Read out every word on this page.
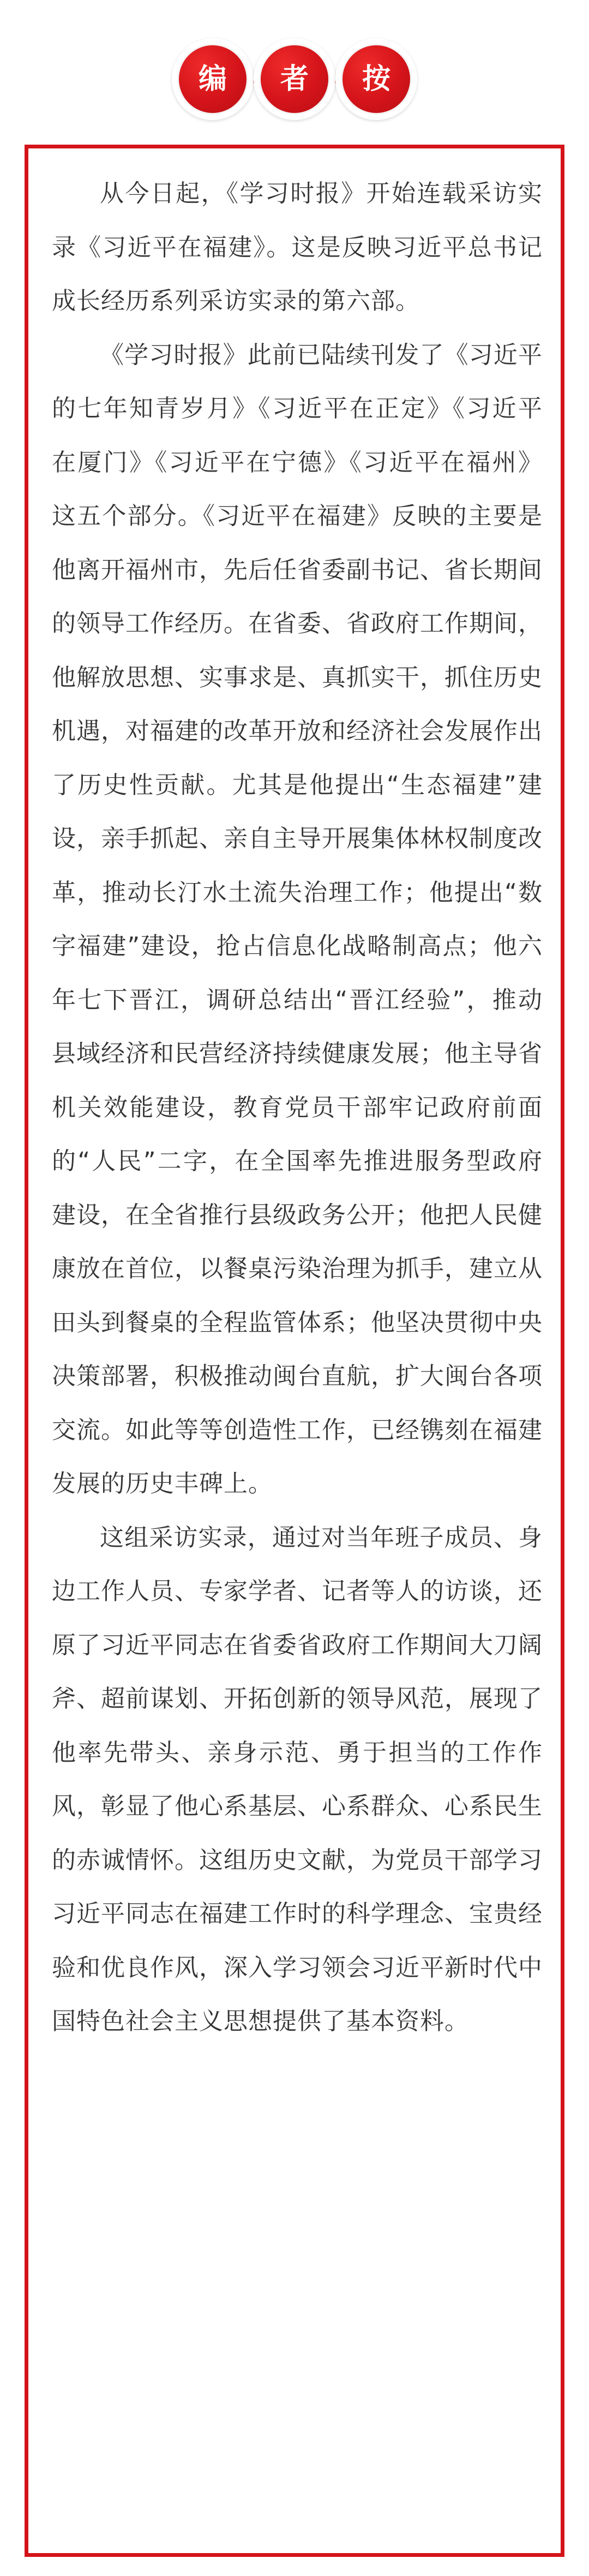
编	者	按

从今日起，《学习时报》开始连载采访实录《习近平在福建》。这是反映习近平总书记成长经历系列采访实录的第六部。

《学习时报》此前已陆续刊发了《习近平的七年知青岁月》《习近平在正定》《习近平在厦门》《习近平在宁德》《习近平在福州》这五个部分。《习近平在福建》反映的主要是他离开福州市，先后任省委副书记、省长期间的领导工作经历。在省委、省政府工作期间，他解放思想、实事求是、真抓实干，抓住历史机遇，对福建的改革开放和经济社会发展作出了历史性贡献。尤其是他提出“生态福建”建设，亲手抓起、亲自主导开展集体林权制度改革，推动长汀水土流失治理工作；他提出“数字福建”建设，抢占信息化战略制高点；他六年七下晋江，调研总结出“晋江经验”，推动县域经济和民营经济持续健康发展；他主导省机关效能建设，教育党员干部牢记政府前面的“人民”二字，在全国率先推进服务型政府建设，在全省推行县级政务公开；他把人民健康放在首位，以餐桌污染治理为抓手，建立从田头到餐桌的全程监管体系；他坚决贯彻中央决策部署，积极推动闽台直航，扩大闽台各项交流。如此等等创造性工作，已经镌刻在福建发展的历史丰碑上。

这组采访实录，通过对当年班子成员、身边工作人员、专家学者、记者等人的访谈，还原了习近平同志在省委省政府工作期间大刀阔斧、超前谋划、开拓创新的领导风范，展现了他率先带头、亲身示范、勇于担当的工作作风，彰显了他心系基层、心系群众、心系民生的赤诚情怀。这组历史文献，为党员干部学习习近平同志在福建工作时的科学理念、宝贵经验和优良作风，深入学习领会习近平新时代中国特色社会主义思想提供了基本资料。
